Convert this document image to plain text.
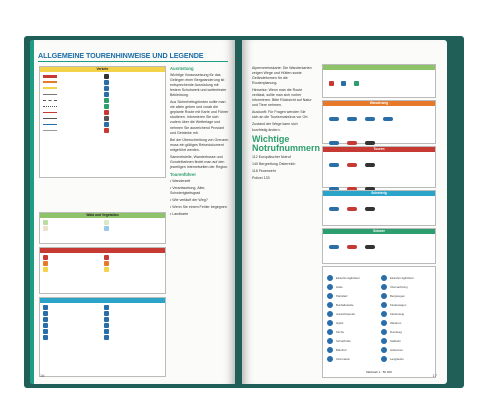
ALLGEMEINE TOURENHINWEISE UND LEGENDE
Verkehr
Wald und Vegetation

Ausrüstung

Wichtige Voraussetzung für das Gelingen einer Bergwanderung ist entsprechende Ausrüstung mit festem Schuhwerk und wetterfester Bekleidung.

Aus Sicherheitsgründen sollte man nie allein gehen und vorab die geplante Route mit Karte und Führer studieren. Informieren Sie sich zudem über die Wetterlage und nehmen Sie ausreichend Proviant und Getränke mit.

Bei der Überschreitung von Grenzen muss ein gültiges Reisedokument mitgeführt werden.

Sammelstelle, Wanderbusse und Gondelbahnen findet man auf den jeweiligen Internetseiten der Region.

Tourenführer

• Wanderzeit

• Verantwortung, Alter, Schwierigkeitsgrad

• Wie verläuft der Weg?

• Wenn Sie einem Fehler begegnen

• Landkarte

16

Alpenvereinskarte: Die Wanderkarten zeigen Wege und Hütten sowie Geländeformen für die Routenplanung.

Hinweise: Wenn man die Route verlässt, sollte man sich vorher informieren. Bitte Rücksicht auf Natur und Tiere nehmen.

Auskunft: Für Fragen wenden Sie sich an die Tourismusbüros vor Ort.

Zustand der Wege kann sich kurzfristig ändern.

Wichtige Notrufnummern

112 Europäischer Notruf

140 Bergrettung Österreich

118 Feuerwehr

Polizei 133

Wanderweg
Touren
Schwierig
Schwer
Einkehrmöglichkeit
Hütte
Parkplatz
Bushaltestelle
Aussichtspunkt
Gipfel
Kirche
Schutzhütte
Bahnhof
Information
Einkehrmöglichkeit
Übernachtung
Bergsteigen
Kinderwagen
Klettersteig
Wandern
Rundweg
Seilbahn
Hüttentour
Langlaufen
Maßstab 1 : 50 000
17
